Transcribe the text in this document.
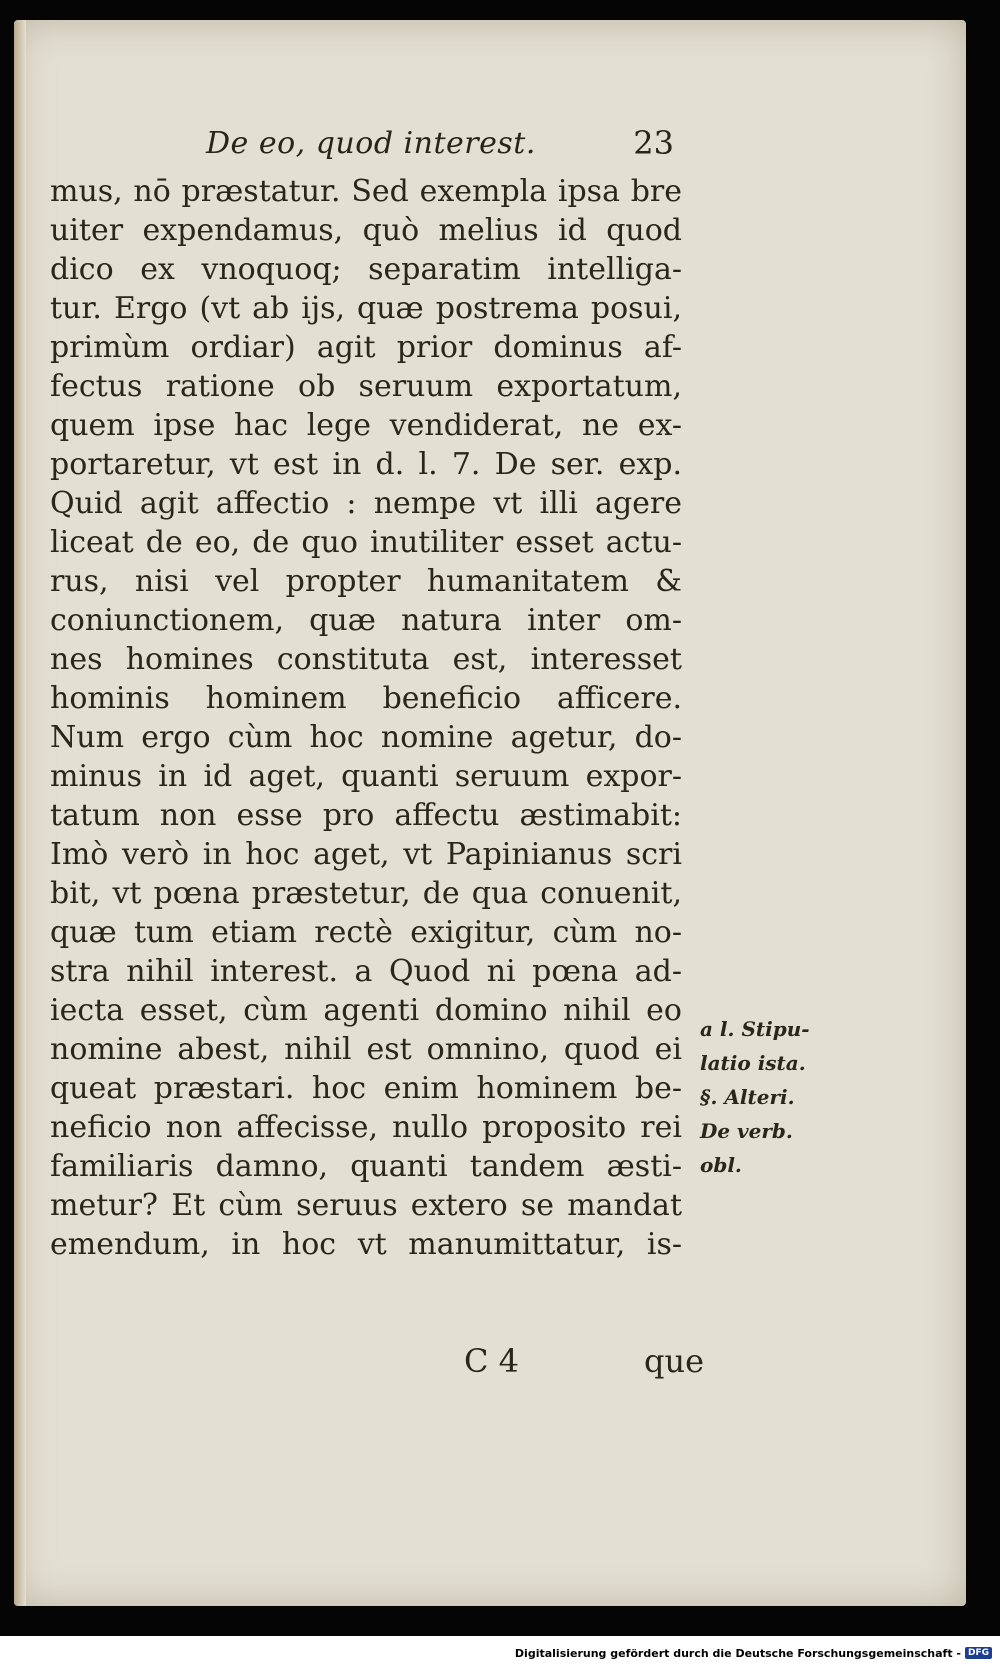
De eo, quod interest.	23
mus, nō præstatur. Sed exempla ipsa bre
uiter expendamus, quò melius id quod
dico ex vnoquoq; separatim intelliga-
tur. Ergo (vt ab ijs, quæ postrema posui,
primùm ordiar) agit prior dominus af-
fectus ratione ob seruum exportatum,
quem ipse hac lege vendiderat, ne ex-
portaretur, vt est in d. l. 7. De ser. exp.
Quid agit affectio : nempe vt illi agere
liceat de eo, de quo inutiliter esset actu-
rus, nisi vel propter humanitatem &
coniunctionem, quæ natura inter om-
nes homines constituta est, interesset
hominis hominem beneficio afficere.
Num ergo cùm hoc nomine agetur, do-
minus in id aget, quanti seruum expor-
tatum non esse pro affectu æstimabit:
Imò verò in hoc aget, vt Papinianus scri
bit, vt pœna præstetur, de qua conuenit,
quæ tum etiam rectè exigitur, cùm no-
stra nihil interest. a Quod ni pœna ad-
iecta esset, cùm agenti domino nihil eo
nomine abest, nihil est omnino, quod ei
queat præstari. hoc enim hominem be-
neficio non affecisse, nullo proposito rei
familiaris damno, quanti tandem æsti-
metur? Et cùm seruus extero se mandat
emendum, in hoc vt manumittatur, is-
a l. Stipu-
latio ista.
§. Alteri.
De verb.
obl.
C 4	que
Digitalisierung gefördert durch die Deutsche Forschungsgemeinschaft - DFG
